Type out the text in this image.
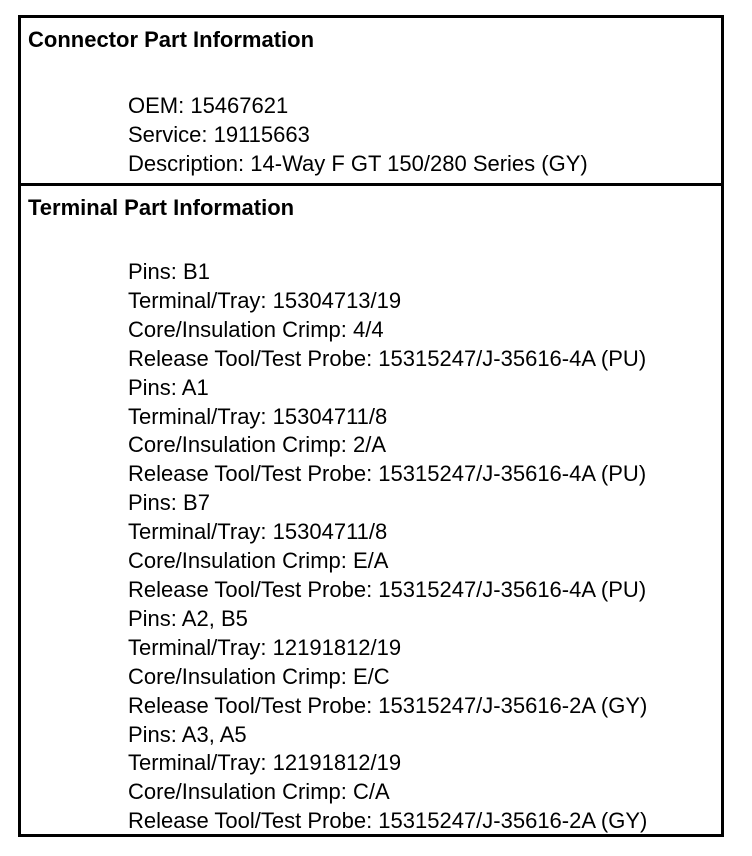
Connector Part Information
OEM: 15467621
Service: 19115663
Description: 14-Way F GT 150/280 Series (GY)
Terminal Part Information
Pins: B1
Terminal/Tray: 15304713/19
Core/Insulation Crimp: 4/4
Release Tool/Test Probe: 15315247/J-35616-4A (PU)
Pins: A1
Terminal/Tray: 15304711/8
Core/Insulation Crimp: 2/A
Release Tool/Test Probe: 15315247/J-35616-4A (PU)
Pins: B7
Terminal/Tray: 15304711/8
Core/Insulation Crimp: E/A
Release Tool/Test Probe: 15315247/J-35616-4A (PU)
Pins: A2, B5
Terminal/Tray: 12191812/19
Core/Insulation Crimp: E/C
Release Tool/Test Probe: 15315247/J-35616-2A (GY)
Pins: A3, A5
Terminal/Tray: 12191812/19
Core/Insulation Crimp: C/A
Release Tool/Test Probe: 15315247/J-35616-2A (GY)
